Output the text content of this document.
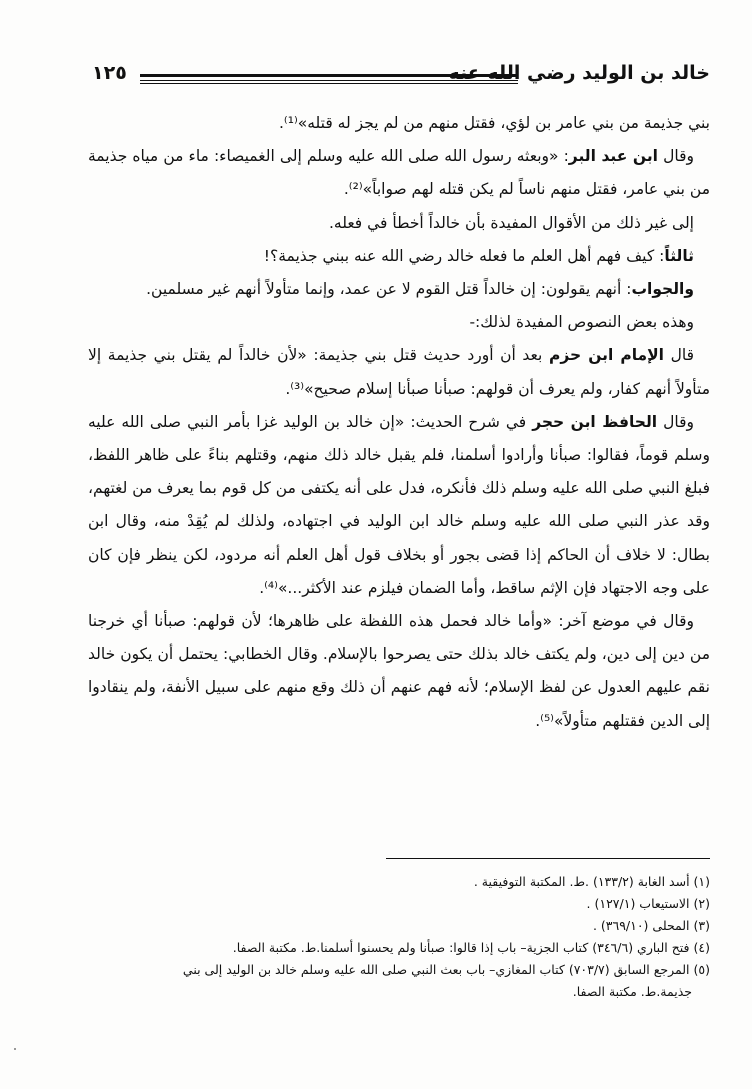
١٢٥	خالد بن الوليد رضي الله عنه

بني جذيمة من بني عامر بن لؤي، فقتل منهم من لم يجز له قتله»⁽¹⁾.

وقال ابن عبد البر: «وبعثه رسول الله صلى الله عليه وسلم إلى الغميصاء: ماء من مياه جذيمة من بني عامر، فقتل منهم ناساً لم يكن قتله لهم صواباً»⁽²⁾.

إلى غير ذلك من الأقوال المفيدة بأن خالداً أخطأ في فعله.

ثالثاً: كيف فهم أهل العلم ما فعله خالد رضي الله عنه ببني جذيمة؟!

والجواب: أنهم يقولون: إن خالداً قتل القوم لا عن عمد، وإنما متأولاً أنهم غير مسلمين.

وهذه بعض النصوص المفيدة لذلك:-

قال الإمام ابن حزم بعد أن أورد حديث قتل بني جذيمة: «لأن خالداً لم يقتل بني جذيمة إلا متأولاً أنهم كفار، ولم يعرف أن قولهم: صبأنا صبأنا إسلام صحيح»⁽³⁾.

وقال الحافظ ابن حجر في شرح الحديث: «إن خالد بن الوليد غزا بأمر النبي صلى الله عليه وسلم قوماً، فقالوا: صبأنا وأرادوا أسلمنا، فلم يقبل خالد ذلك منهم، وقتلهم بناءً على ظاهر اللفظ، فبلغ النبي صلى الله عليه وسلم ذلك فأنكره، فدل على أنه يكتفى من كل قوم بما يعرف من لغتهم، وقد عذر النبي صلى الله عليه وسلم خالد ابن الوليد في اجتهاده، ولذلك لم يُقِدْ منه، وقال ابن بطال: لا خلاف أن الحاكم إذا قضى بجور أو بخلاف قول أهل العلم أنه مردود، لكن ينظر فإن كان على وجه الاجتهاد فإن الإثم ساقط، وأما الضمان فيلزم عند الأكثر...»⁽⁴⁾.

وقال في موضع آخر: «وأما خالد فحمل هذه اللفظة على ظاهرها؛ لأن قولهم: صبأنا أي خرجنا من دين إلى دين، ولم يكتف خالد بذلك حتى يصرحوا بالإسلام. وقال الخطابي: يحتمل أن يكون خالد نقم عليهم العدول عن لفظ الإسلام؛ لأنه فهم عنهم أن ذلك وقع منهم على سبيل الأنفة، ولم ينقادوا إلى الدين فقتلهم متأولاً»⁽⁵⁾.

(١) أسد الغابة (١٣٣/٢) .ط. المكتبة التوفيقية .
(٢) الاستيعاب (١٢٧/١) .
(٣) المحلى (٣٦٩/١٠) .
(٤) فتح الباري (٣٤٦/٦) كتاب الجزية– باب إذا قالوا: صبأنا ولم يحسنوا أسلمنا.ط. مكتبة الصفا.
(٥) المرجع السابق (٧٠٣/٧) كتاب المغازي– باب بعث النبي صلى الله عليه وسلم خالد بن الوليد إلى بني
جذيمة.ط. مكتبة الصفا.
